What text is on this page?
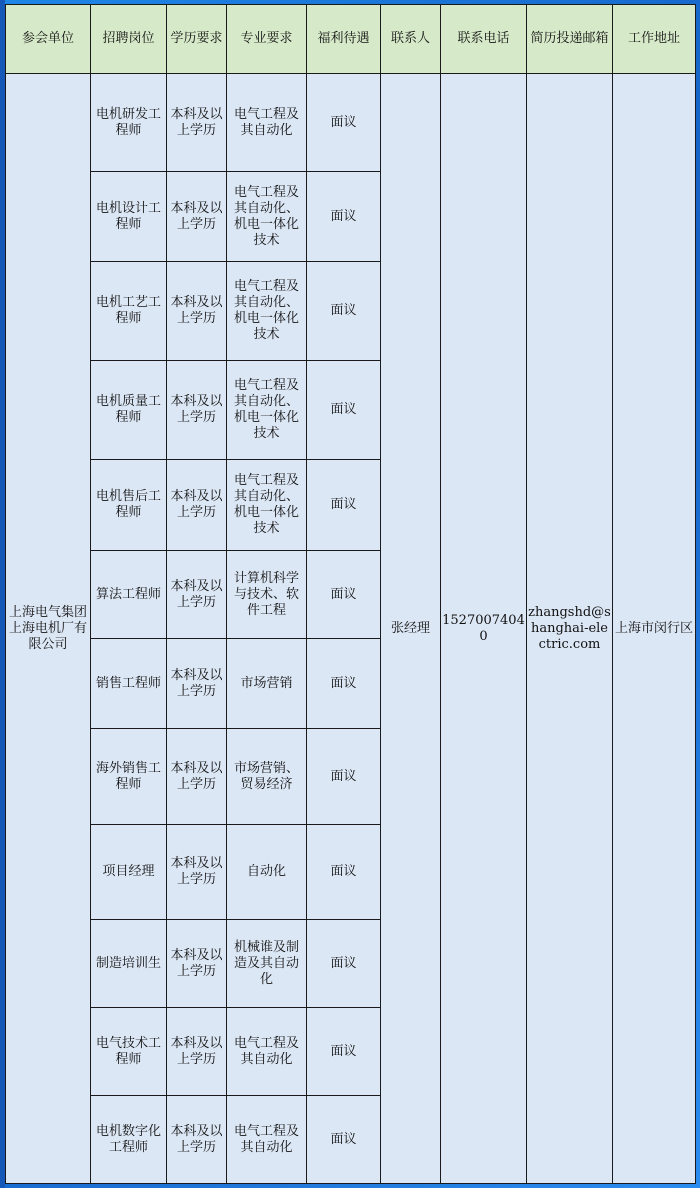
参会单位	招聘岗位	学历要求	专业要求	福利待遇	联系人	联系电话	简历投递邮箱	工作地址
上海电气集团上海电机厂有限公司	电机研发工程师	本科及以上学历	电气工程及其自动化	面议	张经理	15270074040	zhangshd@shanghai-electric.com	上海市闵行区
	电机设计工程师	本科及以上学历	电气工程及其自动化、机电一体化技术	面议				
	电机工艺工程师	本科及以上学历	电气工程及其自动化、机电一体化技术	面议				
	电机质量工程师	本科及以上学历	电气工程及其自动化、机电一体化技术	面议				
	电机售后工程师	本科及以上学历	电气工程及其自动化、机电一体化技术	面议				
	算法工程师	本科及以上学历	计算机科学与技术、软件工程	面议				
	销售工程师	本科及以上学历	市场营销	面议				
	海外销售工程师	本科及以上学历	市场营销、贸易经济	面议				
	项目经理	本科及以上学历	自动化	面议				
	制造培训生	本科及以上学历	机械谁及制造及其自动化	面议				
	电气技术工程师	本科及以上学历	电气工程及其自动化	面议				
	电机数字化工程师	本科及以上学历	电气工程及其自动化	面议				
